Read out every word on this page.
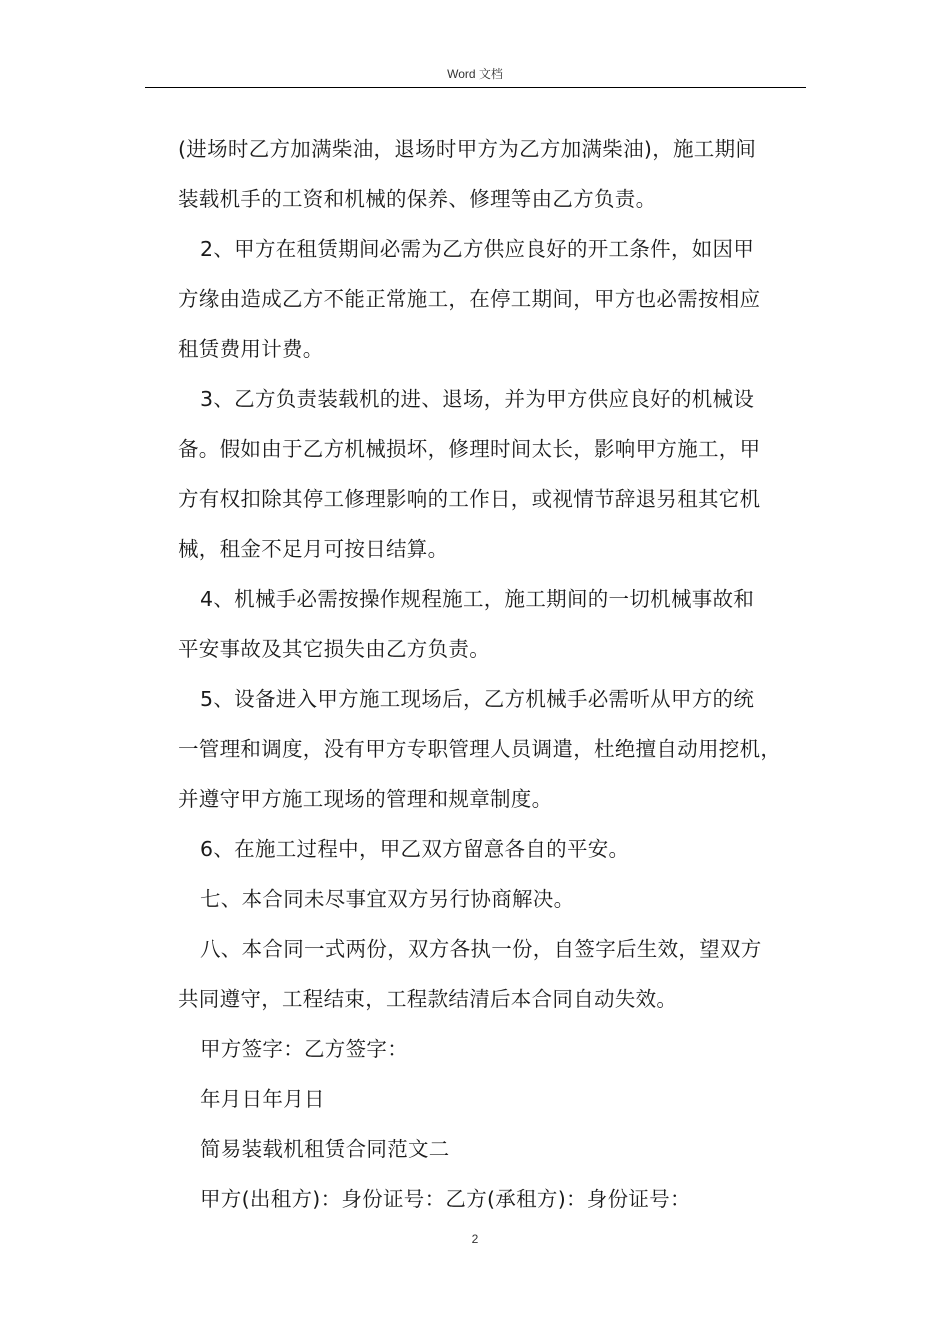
Word 文档
(进场时乙方加满柴油，退场时甲方为乙方加满柴油)，施工期间
装载机手的工资和机械的保养、修理等由乙方负责。
2、甲方在租赁期间必需为乙方供应良好的开工条件，如因甲
方缘由造成乙方不能正常施工，在停工期间，甲方也必需按相应
租赁费用计费。
3、乙方负责装载机的进、退场，并为甲方供应良好的机械设
备。假如由于乙方机械损坏，修理时间太长，影响甲方施工，甲
方有权扣除其停工修理影响的工作日，或视情节辞退另租其它机
械，租金不足月可按日结算。
4、机械手必需按操作规程施工，施工期间的一切机械事故和
平安事故及其它损失由乙方负责。
5、设备进入甲方施工现场后，乙方机械手必需听从甲方的统
一管理和调度，没有甲方专职管理人员调遣，杜绝擅自动用挖机，
并遵守甲方施工现场的管理和规章制度。
6、在施工过程中，甲乙双方留意各自的平安。
七、本合同未尽事宜双方另行协商解决。
八、本合同一式两份，双方各执一份，自签字后生效，望双方
共同遵守，工程结束，工程款结清后本合同自动失效。
甲方签字：乙方签字：
年月日年月日
简易装载机租赁合同范文二
甲方(出租方)：身份证号：乙方(承租方)：身份证号：
2
